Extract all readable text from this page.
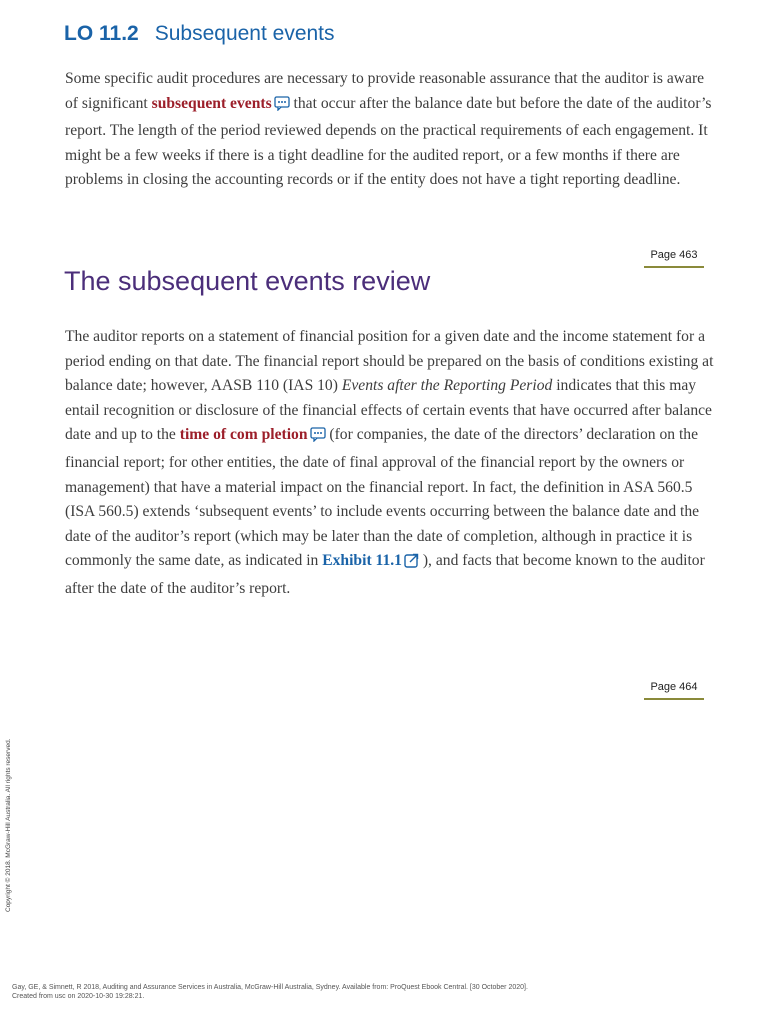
LO 11.2 Subsequent events
Some specific audit procedures are necessary to provide reasonable assurance that the auditor is aware of significant subsequent events that occur after the balance date but before the date of the auditor’s report. The length of the period reviewed depends on the practical requirements of each engagement. It might be a few weeks if there is a tight deadline for the audited report, or a few months if there are problems in closing the accounting records or if the entity does not have a tight reporting deadline.
Page 463
The subsequent events review
The auditor reports on a statement of financial position for a given date and the income statement for a period ending on that date. The financial report should be prepared on the basis of conditions existing at balance date; however, AASB 110 (IAS 10) Events after the Reporting Period indicates that this may entail recognition or disclosure of the financial effects of certain events that have occurred after balance date and up to the time of com pletion (for companies, the date of the directors’ declaration on the financial report; for other entities, the date of final approval of the financial report by the owners or management) that have a material impact on the financial report. In fact, the definition in ASA 560.5 (ISA 560.5) extends ‘subsequent events’ to include events occurring between the balance date and the date of the auditor’s report (which may be later than the date of completion, although in practice it is commonly the same date, as indicated in Exhibit 11.1 ), and facts that become known to the auditor after the date of the auditor’s report.
Page 464
Copyright © 2018. McGraw-Hill Australia. All rights reserved.
Gay, GE, & Simnett, R 2018, Auditing and Assurance Services in Australia, McGraw-Hill Australia, Sydney. Available from: ProQuest Ebook Central. [30 October 2020].
Created from usc on 2020-10-30 19:28:21.
